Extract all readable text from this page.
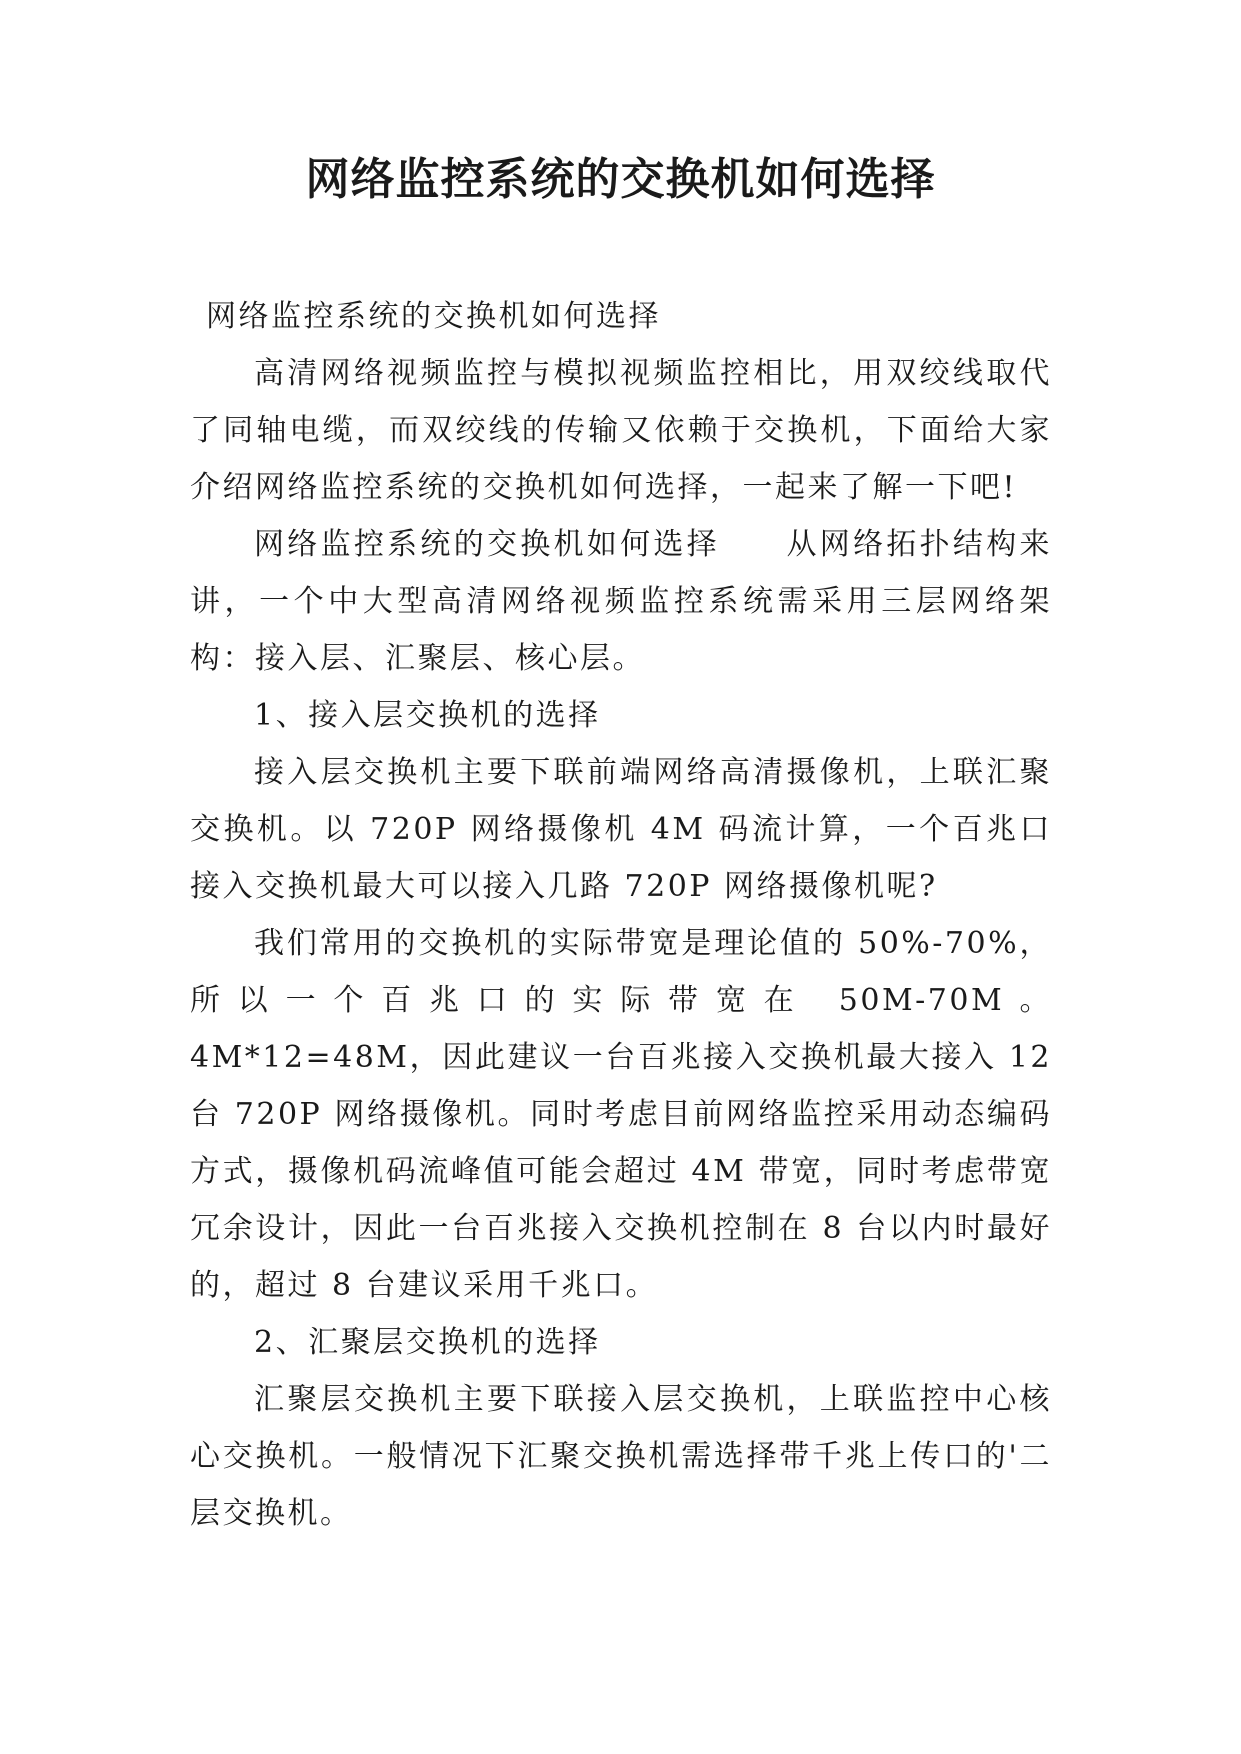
网络监控系统的交换机如何选择

网络监控系统的交换机如何选择

高清网络视频监控与模拟视频监控相比，用双绞线取代了同轴电缆，而双绞线的传输又依赖于交换机，下面给大家介绍网络监控系统的交换机如何选择，一起来了解一下吧!

网络监控系统的交换机如何选择　　从网络拓扑结构来讲，一个中大型高清网络视频监控系统需采用三层网络架构：接入层、汇聚层、核心层。

1、接入层交换机的选择

接入层交换机主要下联前端网络高清摄像机，上联汇聚交换机。以 720P 网络摄像机 4M 码流计算，一个百兆口接入交换机最大可以接入几路 720P 网络摄像机呢?

我们常用的交换机的实际带宽是理论值的 50%-70%，所以一个百兆口的实际带宽在 50M-70M。4M*12=48M，因此建议一台百兆接入交换机最大接入 12 台 720P 网络摄像机。同时考虑目前网络监控采用动态编码方式，摄像机码流峰值可能会超过 4M 带宽，同时考虑带宽冗余设计，因此一台百兆接入交换机控制在 8 台以内时最好的，超过 8 台建议采用千兆口。

2、汇聚层交换机的选择

汇聚层交换机主要下联接入层交换机，上联监控中心核心交换机。一般情况下汇聚交换机需选择带千兆上传口的'二层交换机。
